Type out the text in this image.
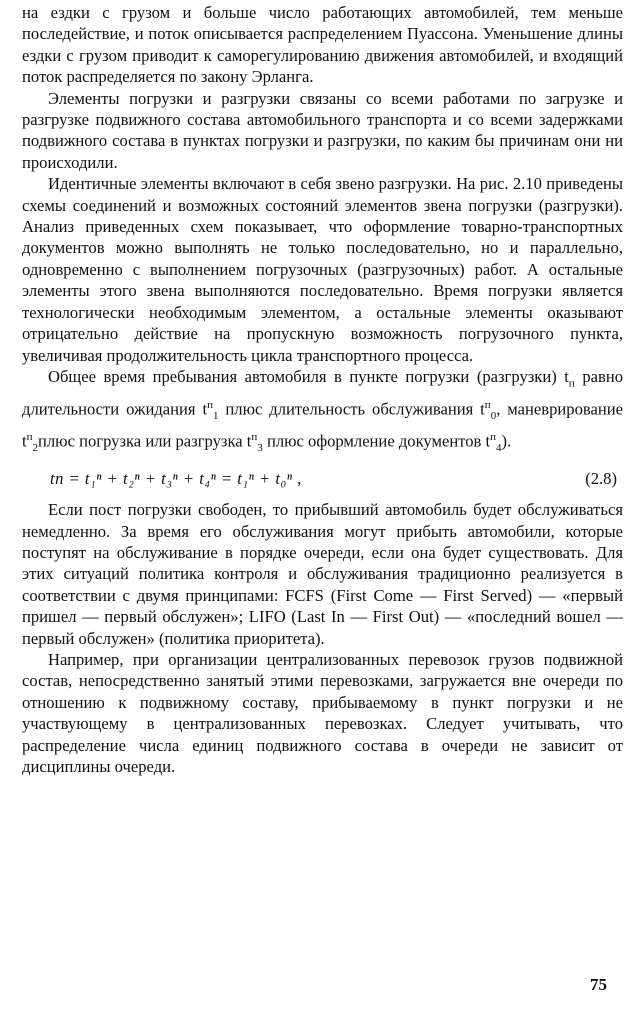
на ездки с грузом и больше число работающих автомобилей, тем меньше последействие, и поток описывается распределением Пуассона. Уменьшение длины ездки с грузом приводит к саморегулированию движения автомобилей, и входящий поток распределяется по закону Эрланга.

Элементы погрузки и разгрузки связаны со всеми работами по загрузке и разгрузке подвижного состава автомобильного транспорта и со всеми задержками подвижного состава в пунктах погрузки и разгрузки, по каким бы причинам они ни происходили.

Идентичные элементы включают в себя звено разгрузки. На рис. 2.10 приведены схемы соединений и возможных состояний элементов звена погрузки (разгрузки). Анализ приведенных схем показывает, что оформление товарно-транспортных документов можно выполнять не только последовательно, но и параллельно, одновременно с выполнением погрузочных (разгрузочных) работ. А остальные элементы этого звена выполняются последовательно. Время погрузки является технологически необходимым элементом, а остальные элементы оказывают отрицательно действие на пропускную возможность погрузочного пункта, увеличивая продолжительность цикла транспортного процесса.

Общее время пребывания автомобиля в пункте погрузки (разгрузки) $t_п$ равно длительности ожидания $t^п_1$ плюс длительность обслуживания $t^п_0$, маневрирование $t^п_2плюс$ погрузка или разгрузка $t^п_3$ плюс оформление документов $t^п_4$).

tп = t₁ⁿ + t₂ⁿ + t₃ⁿ + t₄ⁿ = t₁ⁿ + t₀ⁿ ,	(2.8)

Если пост погрузки свободен, то прибывший автомобиль будет обслуживаться немедленно. За время его обслуживания могут прибыть автомобили, которые поступят на обслуживание в порядке очереди, если она будет существовать. Для этих ситуаций политика контроля и обслуживания традиционно реализуется в соответствии с двумя принципами: FCFS (First Come — First Served) — «первый пришел — первый обслужен»; LIFO (Last In — First Out) — «последний вошел — первый обслужен» (политика приоритета).

Например, при организации централизованных перевозок грузов подвижной состав, непосредственно занятый этими перевозками, загружается вне очереди по отношению к подвижному составу, прибываемому в пункт погрузки и не участвующему в централизованных перевозках. Следует учитывать, что распределение числа единиц подвижного состава в очереди не зависит от дисциплины очереди.

75
